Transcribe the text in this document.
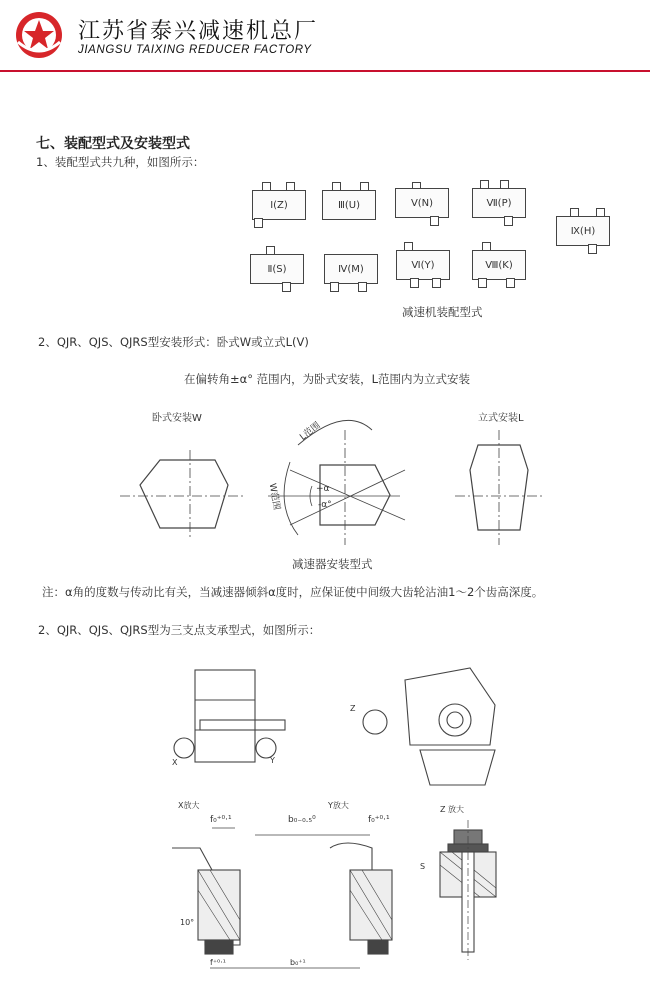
江苏省泰兴减速机总厂
JIANGSU TAIXING REDUCER FACTORY
七、装配型式及安装型式
1、装配型式共九种，如图所示：
Ⅰ(Z)	Ⅲ(U)	Ⅴ(N)	Ⅶ(P)
Ⅸ(H)
Ⅱ(S)	Ⅳ(M)	Ⅵ(Y)	Ⅷ(K)
减速机装配型式
2、QJR、QJS、QJRS型安装形式：卧式W或立式L(V)
在偏转角±α° 范围内，为卧式安装，L范围内为立式安装
卧式安装W	立式安装L
L范围
W范围	+α
-α°
减速器安装型式
注：α角的度数与传动比有关，当减速器倾斜α度时，应保证使中间级大齿轮沾油1～2个齿高深度。
2、QJR、QJS、QJRS型为三支点支承型式，如图所示：
X	Y
Z
X放大	Y放大	Z 放大
f₀⁺⁰·¹	b₀₋₀.₅⁰	f₀⁺⁰·¹
f⁺⁰·¹	b₀⁺¹
10°
S
